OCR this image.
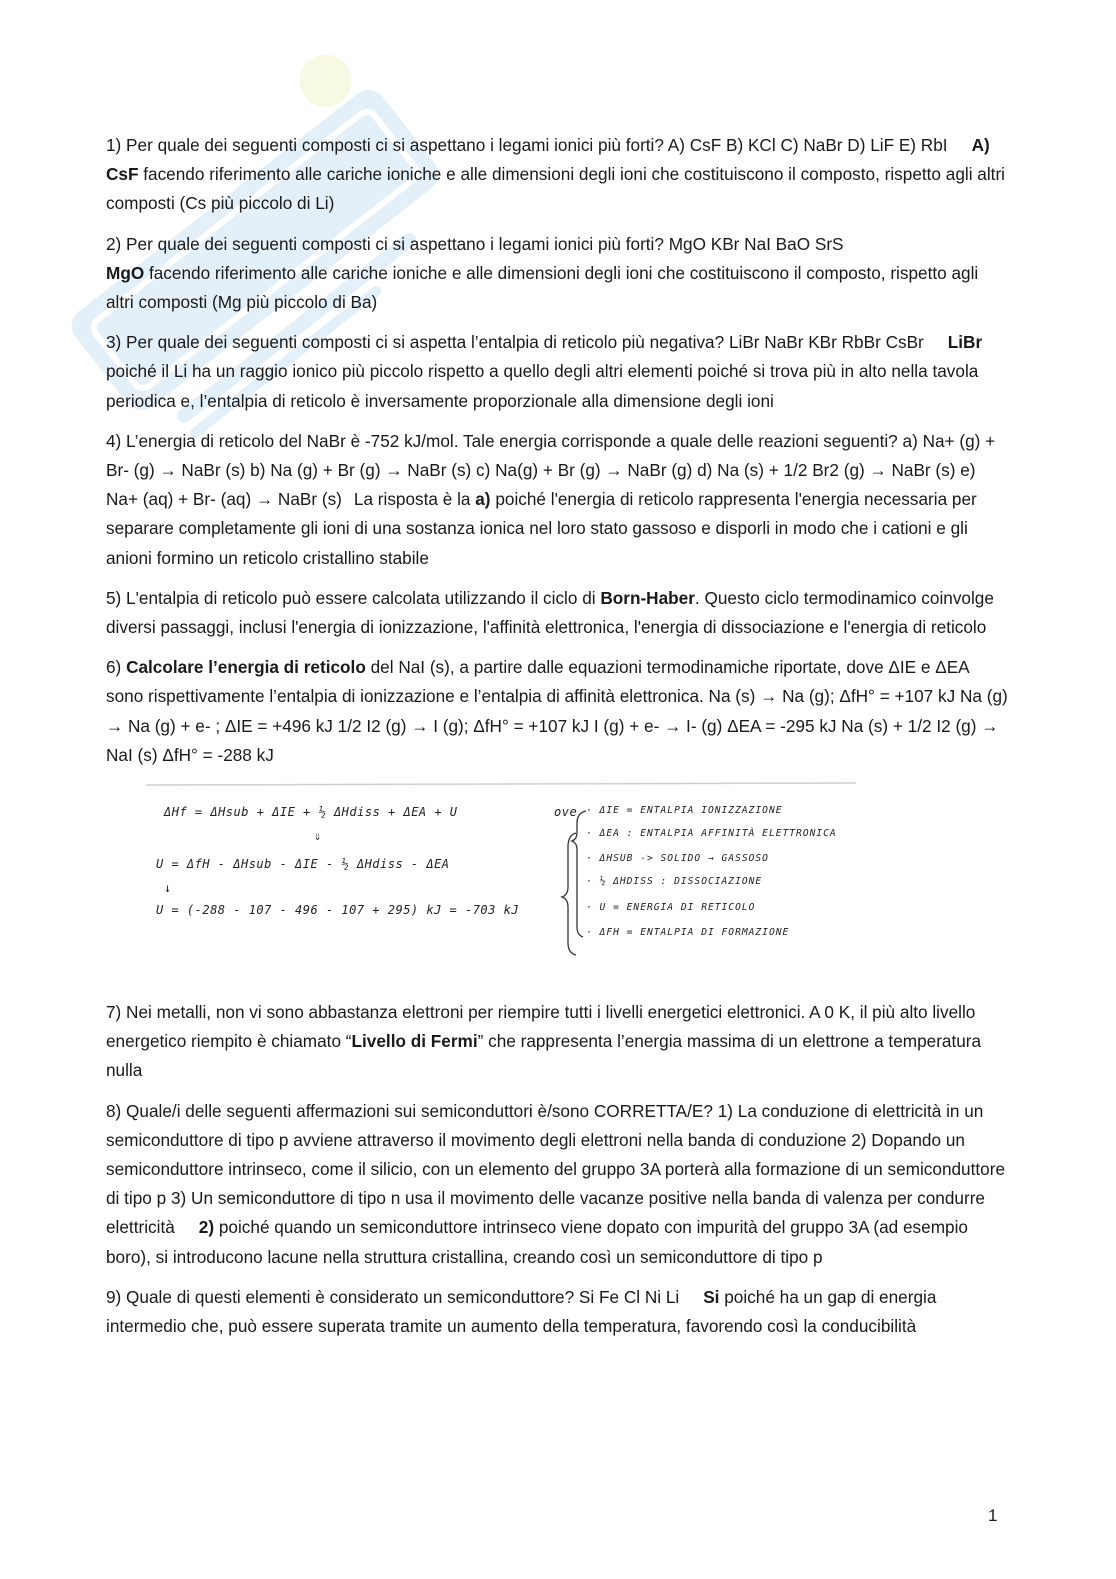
1) Per quale dei seguenti composti ci si aspettano i legami ionici più forti? A) CsF B) KCl C) NaBr D) LiF E) RbI A) CsF facendo riferimento alle cariche ioniche e alle dimensioni degli ioni che costituiscono il composto, rispetto agli altri composti (Cs più piccolo di Li)

2) Per quale dei seguenti composti ci si aspettano i legami ionici più forti? MgO KBr NaI BaO SrS
MgO facendo riferimento alle cariche ioniche e alle dimensioni degli ioni che costituiscono il composto, rispetto agli altri composti (Mg più piccolo di Ba)

3) Per quale dei seguenti composti ci si aspetta l’entalpia di reticolo più negativa? LiBr NaBr KBr RbBr CsBr LiBr poiché il Li ha un raggio ionico più piccolo rispetto a quello degli altri elementi poiché si trova più in alto nella tavola periodica e, l’entalpia di reticolo è inversamente proporzionale alla dimensione degli ioni

4) L’energia di reticolo del NaBr è -752 kJ/mol. Tale energia corrisponde a quale delle reazioni seguenti? a) Na+ (g) + Br- (g) → NaBr (s) b) Na (g) + Br (g) → NaBr (s) c) Na(g) + Br (g) → NaBr (g) d) Na (s) + 1/2 Br2 (g) → NaBr (s) e) Na+ (aq) + Br- (aq) → NaBr (s) La risposta è la a) poiché l'energia di reticolo rappresenta l'energia necessaria per separare completamente gli ioni di una sostanza ionica nel loro stato gassoso e disporli in modo che i cationi e gli anioni formino un reticolo cristallino stabile

5) L'entalpia di reticolo può essere calcolata utilizzando il ciclo di Born-Haber. Questo ciclo termodinamico coinvolge diversi passaggi, inclusi l'energia di ionizzazione, l'affinità elettronica, l'energia di dissociazione e l'energia di reticolo

6) Calcolare l’energia di reticolo del NaI (s), a partire dalle equazioni termodinamiche riportate, dove ΔIE e ΔEA sono rispettivamente l’entalpia di ionizzazione e l’entalpia di affinità elettronica. Na (s) → Na (g); ΔfH° = +107 kJ Na (g) → Na (g) + e- ; ΔIE = +496 kJ 1/2 I2 (g) → I (g); ΔfH° = +107 kJ I (g) + e- → I- (g) ΔEA = -295 kJ Na (s) + 1/2 I2 (g) → NaI (s) ΔfH° = -288 kJ

ΔHf = ΔHsub + ΔIE + ½ ΔHdiss + ΔEA + U
⇓
U = ΔfH - ΔHsub - ΔIE - ½ ΔHdiss - ΔEA
↓
U = (-288 - 107 - 496 - 107 + 295) kJ = -703 kJ
ove · ΔIE = ENTALPIA IONIZZAZIONE
· ΔEA : ENTALPIA AFFINITÀ ELETTRONICA
· ΔHSUB -> SOLIDO → GASSOSO
· ½ ΔHDISS : DISSOCIAZIONE
· U = ENERGIA DI RETICOLO
· ΔFH = ENTALPIA DI FORMAZIONE

7) Nei metalli, non vi sono abbastanza elettroni per riempire tutti i livelli energetici elettronici. A 0 K, il più alto livello energetico riempito è chiamato “Livello di Fermi” che rappresenta l’energia massima di un elettrone a temperatura nulla

8) Quale/i delle seguenti affermazioni sui semiconduttori è/sono CORRETTA/E? 1) La conduzione di elettricità in un semiconduttore di tipo p avviene attraverso il movimento degli elettroni nella banda di conduzione 2) Dopando un semiconduttore intrinseco, come il silicio, con un elemento del gruppo 3A porterà alla formazione di un semiconduttore di tipo p 3) Un semiconduttore di tipo n usa il movimento delle vacanze positive nella banda di valenza per condurre elettricità 2) poiché quando un semiconduttore intrinseco viene dopato con impurità del gruppo 3A (ad esempio boro), si introducono lacune nella struttura cristallina, creando così un semiconduttore di tipo p

9) Quale di questi elementi è considerato un semiconduttore? Si Fe Cl Ni Li Si poiché ha un gap di energia intermedio che, può essere superata tramite un aumento della temperatura, favorendo così la conducibilità

1
